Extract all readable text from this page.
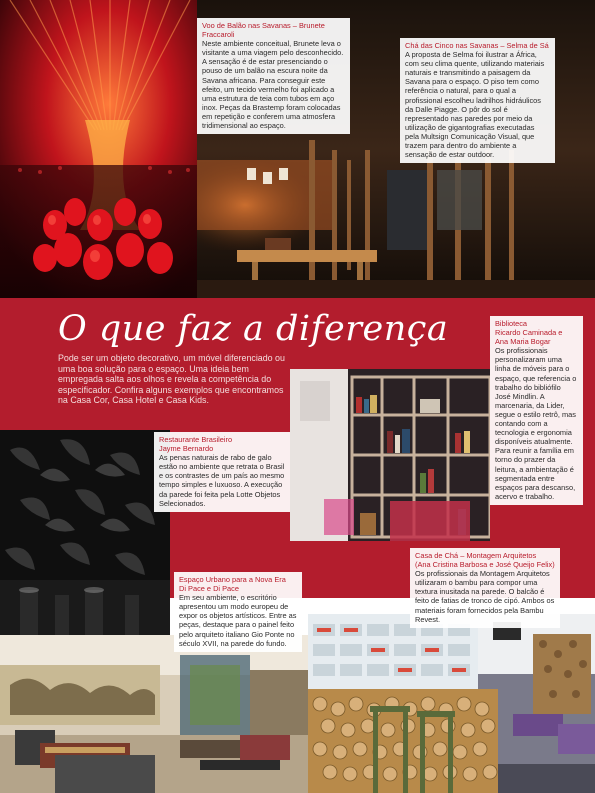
Voo de Balão nas Savanas – Brunete Fraccaroli
Neste ambiente conceitual, Brunete leva o visitante a uma viagem pelo desconhecido. A sensação é de estar presenciando o pouso de um balão na escura noite da Savana africana. Para conseguir este efeito, um tecido vermelho foi aplicado a uma estrutura de teia com tubos em aço inox. Peças da Brastemp foram colocadas em repetição e conferem uma atmosfera tridimensional ao espaço.
Chá das Cinco nas Savanas – Selma de Sá
A proposta de Selma foi ilustrar a África, com seu clima quente, utilizando materiais naturais e transmitindo a paisagem da Savana para o espaço. O piso tem como referência o natural, para o qual a profissional escolheu ladrilhos hidráulicos da Dalle Piagge. O pôr do sol é representado nas paredes por meio da utilização de gigantografias executadas pela Multsign Comunicação Visual, que trazem para dentro do ambiente a sensação de estar outdoor.
O que faz a diferença

Pode ser um objeto decorativo, um móvel diferenciado ou uma boa solução para o espaço. Uma ideia bem empregada salta aos olhos e revela a competência do especificador. Confira alguns exemplos que encontramos na Casa Cor, Casa Hotel e Casa Kids.

Biblioteca
Ricardo Caminada e
Ana Maria Bogar
Os profissionais personalizaram uma linha de móveis para o espaço, que referencia o trabalho do bibliófilo José Mindlin. A marcenaria, da Lider, segue o estilo retrô, mas contando com a tecnologia e ergonomia disponíveis atualmente. Para reunir a família em torno do prazer da leitura, a ambientação é segmentada entre espaços para descanso, acervo e trabalho.
Restaurante Brasileiro
Jayme Bernardo
As penas naturais de rabo de galo estão no ambiente que retrata o Brasil e os contrastes de um país ao mesmo tempo simples e luxuoso. A execução da parede foi feita pela Lotte Objetos Selecionados.
Espaço Urbano para a Nova Era
Di Pace e Di Pace
Em seu ambiente, o escritório apresentou um modo europeu de expor os objetos artísticos. Entre as peças, destaque para o painel feito pelo arquiteto italiano Gio Ponte no século XVII, na parede do fundo.
Casa de Chá – Montagem Arquitetos
(Ana Cristina Barbosa e José Queijo Felix)
Os profissionais da Montagem Arquitetos utilizaram o bambu para compor uma textura inusitada na parede. O balcão é feito de fatias de tronco de cipó. Ambos os materiais foram fornecidos pela Bambu Revest.
